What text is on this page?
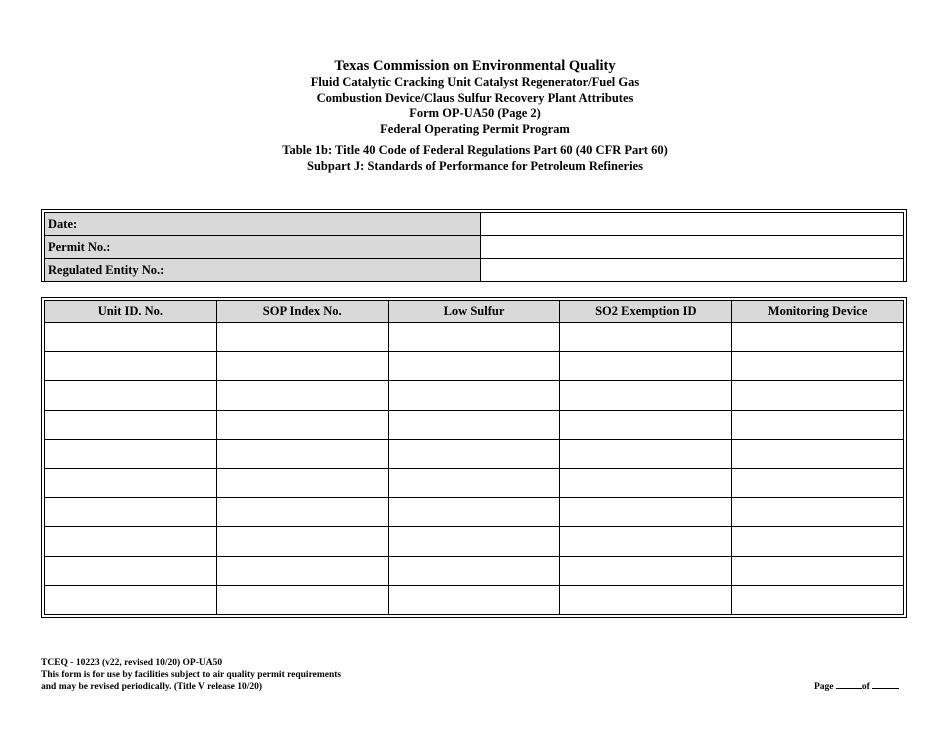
Texas Commission on Environmental Quality
Fluid Catalytic Cracking Unit Catalyst Regenerator/Fuel Gas
Combustion Device/Claus Sulfur Recovery Plant Attributes
Form OP-UA50 (Page 2)
Federal Operating Permit Program
Table 1b: Title 40 Code of Federal Regulations Part 60 (40 CFR Part 60)
Subpart J: Standards of Performance for Petroleum Refineries
Date:	
Permit No.:	
Regulated Entity No.:	
Unit ID. No.	SOP Index No.	Low Sulfur	SO2 Exemption ID	Monitoring Device

TCEQ - 10223 (v22, revised 10/20) OP-UA50
This form is for use by facilities subject to air quality permit requirements
and may be revised periodically. (Title V release 10/20)	Page	of
